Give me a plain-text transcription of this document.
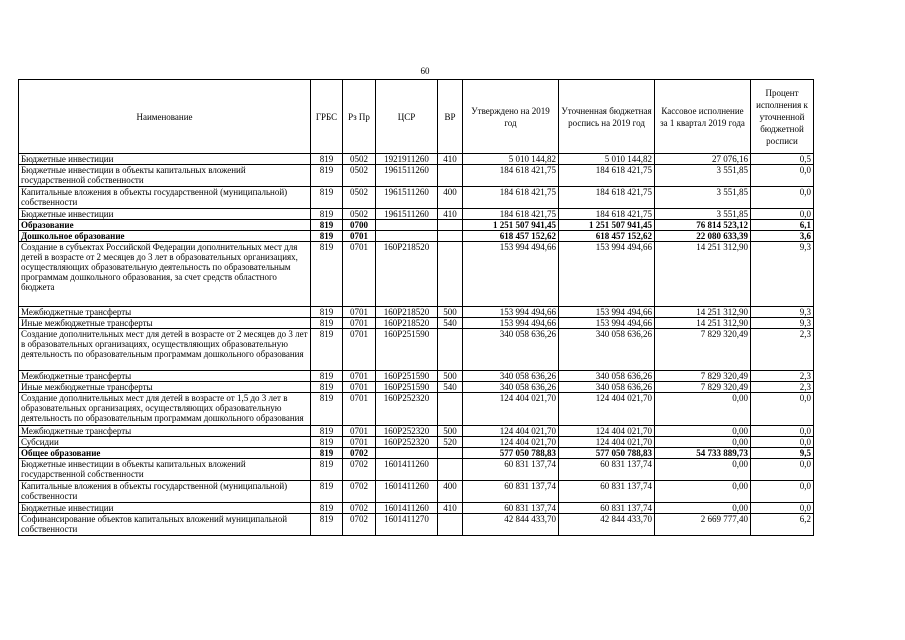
60
Наименование	ГРБС	Рз Пр	ЦСР	ВР	Утверждено на 2019 год	Уточненная бюджетная роспись на 2019 год	Кассовое исполнение за 1 квартал 2019 года	Процент исполнения к уточненной бюджетной росписи
Бюджетные инвестиции	819	0502	1921911260	410	5 010 144,82	5 010 144,82	27 076,16	0,5
Бюджетные инвестиции в объекты капитальных вложений государственной собственности	819	0502	1961511260		184 618 421,75	184 618 421,75	3 551,85	0,0
Капитальные вложения в объекты государственной (муниципальной) собственности	819	0502	1961511260	400	184 618 421,75	184 618 421,75	3 551,85	0,0
Бюджетные инвестиции	819	0502	1961511260	410	184 618 421,75	184 618 421,75	3 551,85	0,0
Образование	819	0700			1 251 507 941,45	1 251 507 941,45	76 814 523,12	6,1
Дошкольное образование	819	0701			618 457 152,62	618 457 152,62	22 080 633,39	3,6
Создание в субъектах Российской Федерации дополнительных мест для детей в возрасте от 2 месяцев до 3 лет в образовательных организациях, осуществляющих образовательную деятельность по образовательным программам дошкольного образования, за счет средств областного бюджета	819	0701	160P218520		153 994 494,66	153 994 494,66	14 251 312,90	9,3
Межбюджетные трансферты	819	0701	160P218520	500	153 994 494,66	153 994 494,66	14 251 312,90	9,3
Иные межбюджетные трансферты	819	0701	160P218520	540	153 994 494,66	153 994 494,66	14 251 312,90	9,3
Создание дополнительных мест для детей в возрасте от 2 месяцев до 3 лет в образовательных организациях, осуществляющих образовательную деятельность по образовательным программам дошкольного образования	819	0701	160P251590		340 058 636,26	340 058 636,26	7 829 320,49	2,3
Межбюджетные трансферты	819	0701	160P251590	500	340 058 636,26	340 058 636,26	7 829 320,49	2,3
Иные межбюджетные трансферты	819	0701	160P251590	540	340 058 636,26	340 058 636,26	7 829 320,49	2,3
Создание дополнительных мест для детей в возрасте от 1,5 до 3 лет в образовательных организациях, осуществляющих образовательную деятельность по образовательным программам дошкольного образования	819	0701	160P252320		124 404 021,70	124 404 021,70	0,00	0,0
Межбюджетные трансферты	819	0701	160P252320	500	124 404 021,70	124 404 021,70	0,00	0,0
Субсидии	819	0701	160P252320	520	124 404 021,70	124 404 021,70	0,00	0,0
Общее образование	819	0702			577 050 788,83	577 050 788,83	54 733 889,73	9,5
Бюджетные инвестиции в объекты капитальных вложений государственной собственности	819	0702	1601411260		60 831 137,74	60 831 137,74	0,00	0,0
Капитальные вложения в объекты государственной (муниципальной) собственности	819	0702	1601411260	400	60 831 137,74	60 831 137,74	0,00	0,0
Бюджетные инвестиции	819	0702	1601411260	410	60 831 137,74	60 831 137,74	0,00	0,0
Софинансирование объектов капитальных вложений муниципальной собственности	819	0702	1601411270		42 844 433,70	42 844 433,70	2 669 777,40	6,2
